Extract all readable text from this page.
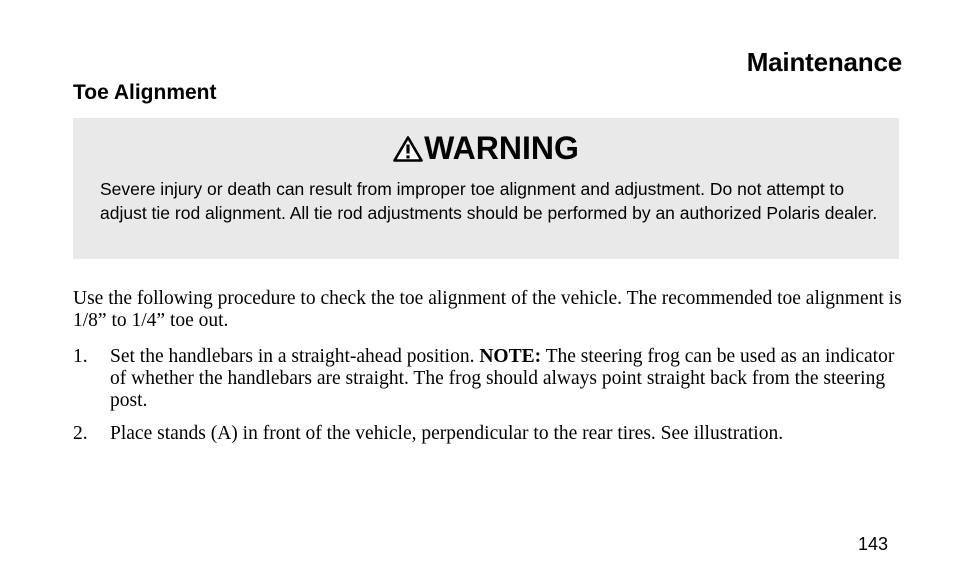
Maintenance
Toe Alignment
WARNING

Severe injury or death can result from improper toe alignment and adjustment. Do not attempt to adjust tie rod alignment. All tie rod adjustments should be performed by an authorized Polaris dealer.

Use the following procedure to check the toe alignment of the vehicle. The recommended toe alignment is 1/8” to 1/4” toe out.

1. Set the handlebars in a straight-ahead position. NOTE: The steering frog can be used as an indicator of whether the handlebars are straight. The frog should always point straight back from the steering post.
2. Place stands (A) in front of the vehicle, perpendicular to the rear tires. See illustration.

143
